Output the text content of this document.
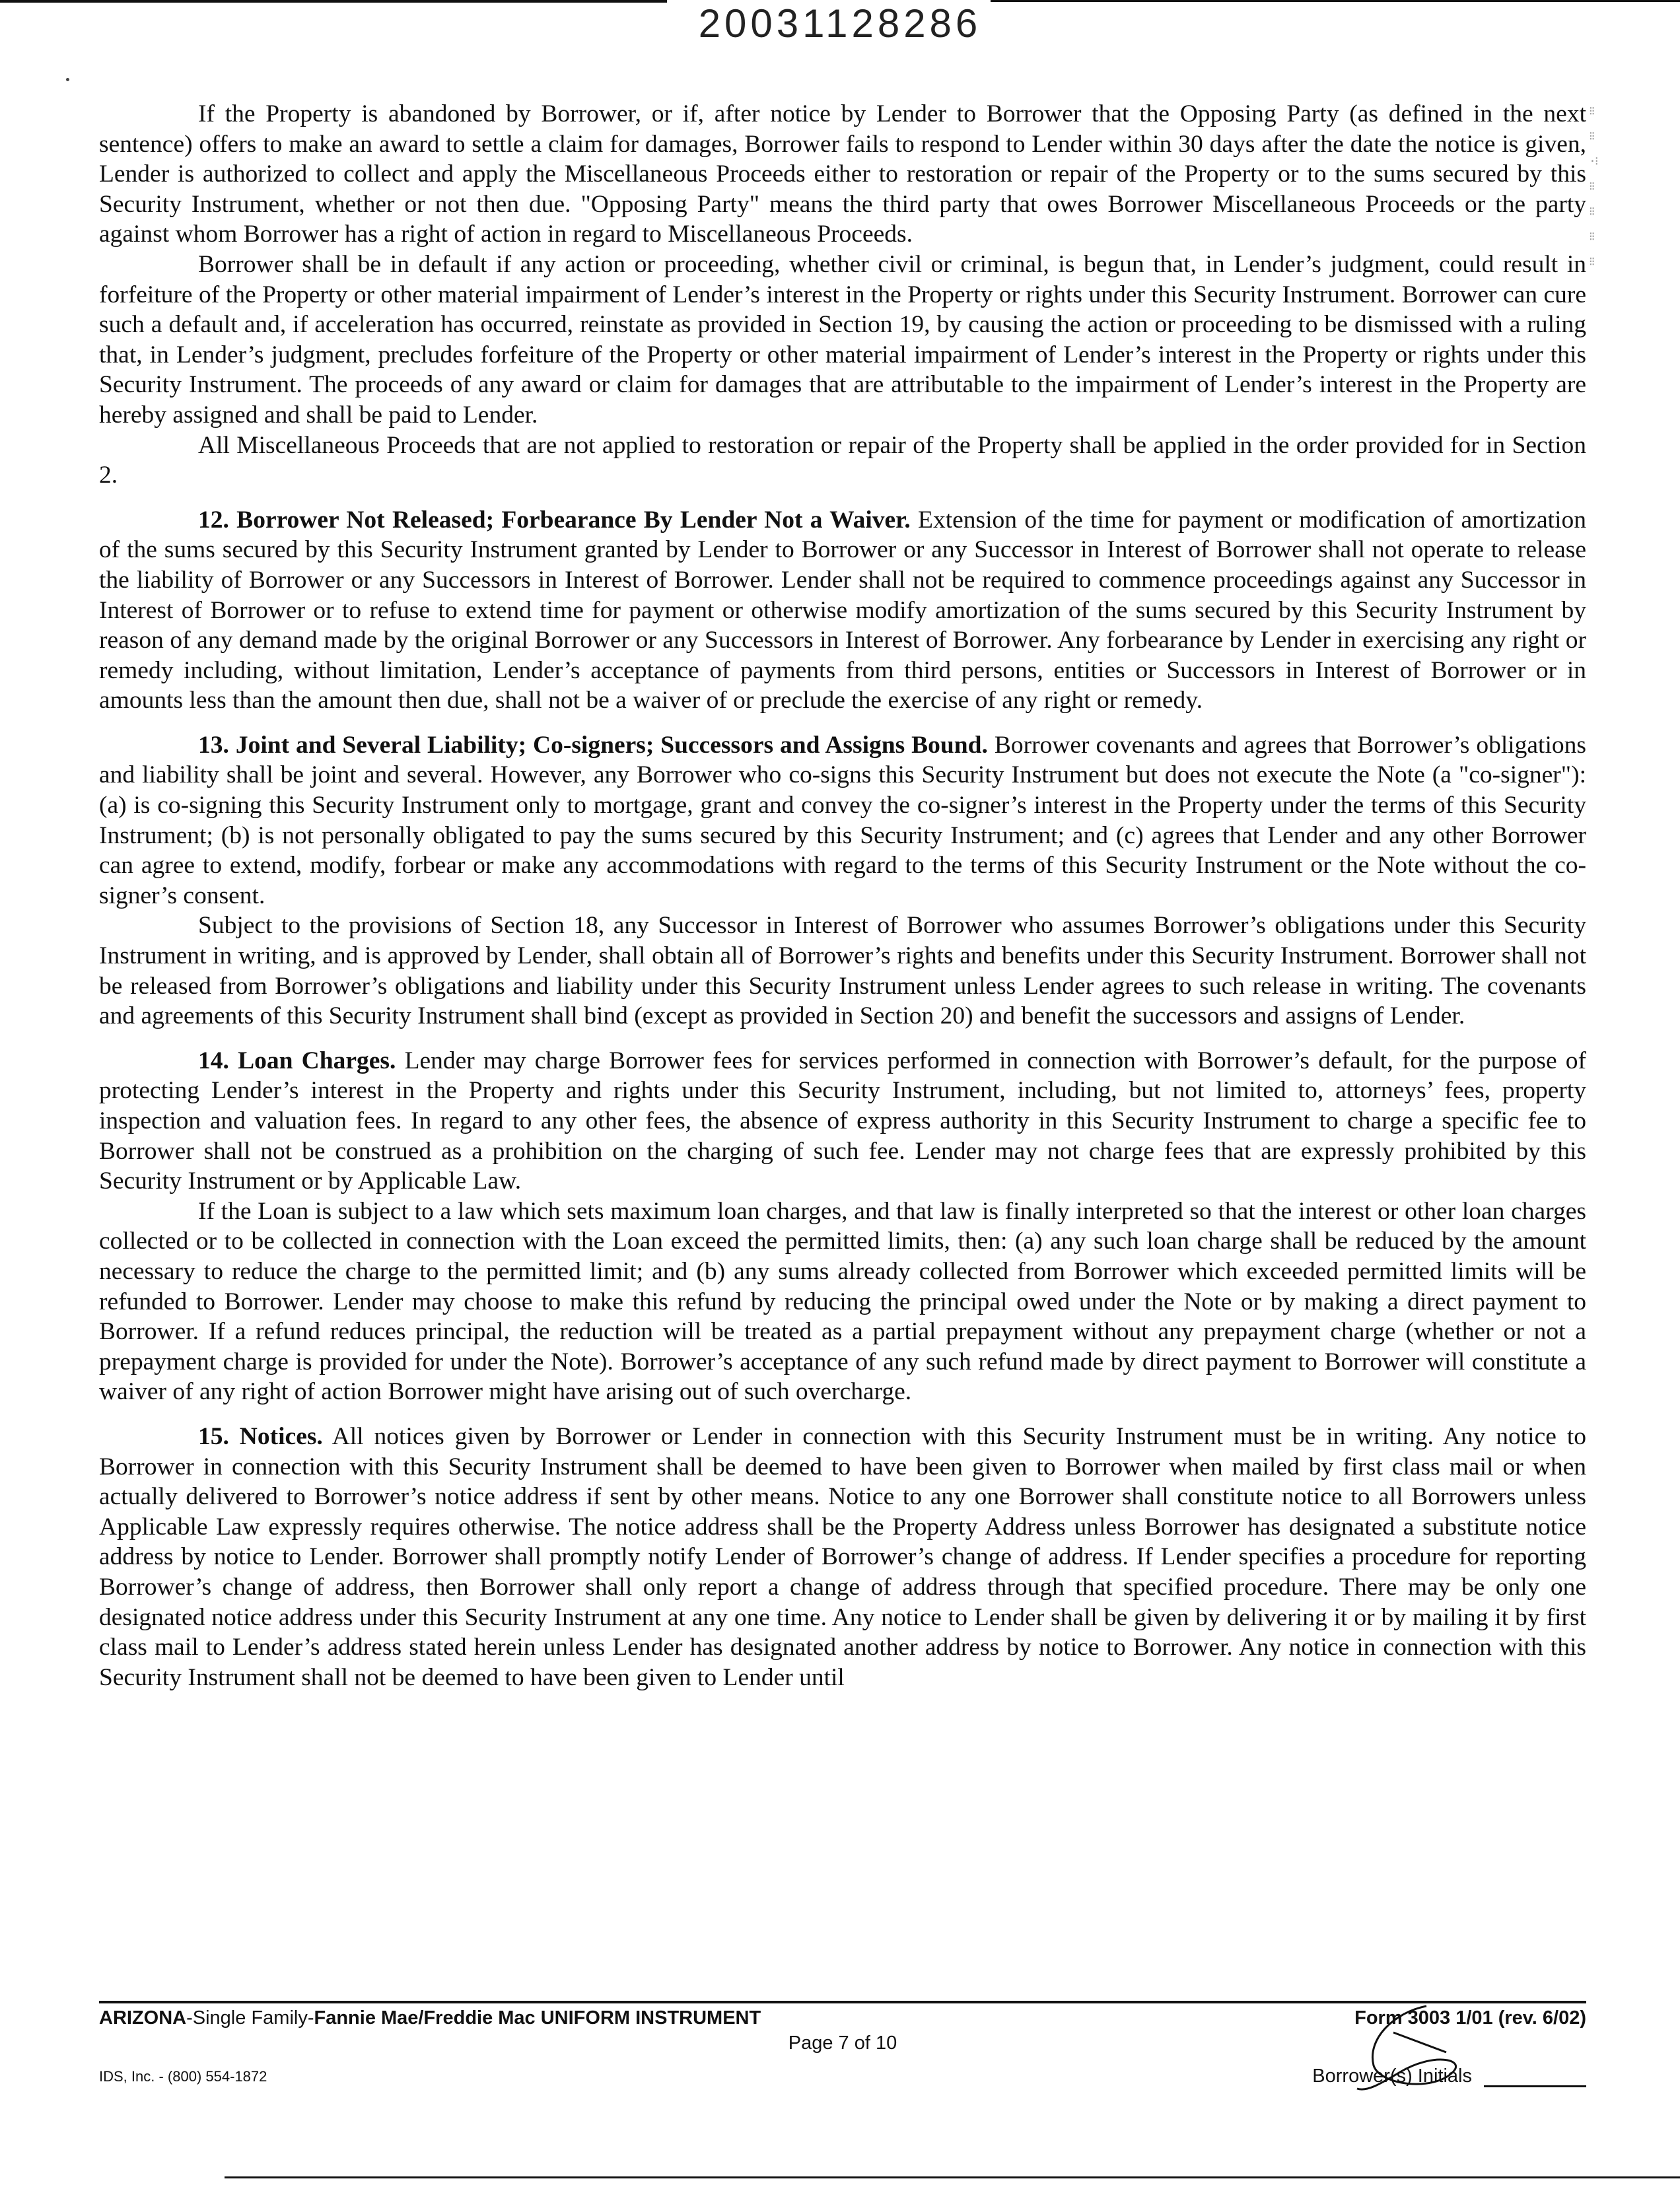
20031128286
⁝⁝
⁝⁝
·⁝
⁝⁝
⁝⁝
⁝⁝
⁝⁝

If the Property is abandoned by Borrower, or if, after notice by Lender to Borrower that the Opposing Party (as defined in the next sentence) offers to make an award to settle a claim for damages, Borrower fails to respond to Lender within 30 days after the date the notice is given, Lender is authorized to collect and apply the Miscellaneous Proceeds either to restoration or repair of the Property or to the sums secured by this Security Instrument, whether or not then due. "Opposing Party" means the third party that owes Borrower Miscellaneous Proceeds or the party against whom Borrower has a right of action in regard to Miscellaneous Proceeds.

Borrower shall be in default if any action or proceeding, whether civil or criminal, is begun that, in Lender’s judgment, could result in forfeiture of the Property or other material impairment of Lender’s interest in the Property or rights under this Security Instrument. Borrower can cure such a default and, if acceleration has occurred, reinstate as provided in Section 19, by causing the action or proceeding to be dismissed with a ruling that, in Lender’s judgment, precludes forfeiture of the Property or other material impairment of Lender’s interest in the Property or rights under this Security Instrument. The proceeds of any award or claim for damages that are attributable to the impairment of Lender’s interest in the Property are hereby assigned and shall be paid to Lender.

All Miscellaneous Proceeds that are not applied to restoration or repair of the Property shall be applied in the order provided for in Section 2.

12. Borrower Not Released; Forbearance By Lender Not a Waiver. Extension of the time for payment or modification of amortization of the sums secured by this Security Instrument granted by Lender to Borrower or any Successor in Interest of Borrower shall not operate to release the liability of Borrower or any Successors in Interest of Borrower. Lender shall not be required to commence proceedings against any Successor in Interest of Borrower or to refuse to extend time for payment or otherwise modify amortization of the sums secured by this Security Instrument by reason of any demand made by the original Borrower or any Successors in Interest of Borrower. Any forbearance by Lender in exercising any right or remedy including, without limitation, Lender’s acceptance of payments from third persons, entities or Successors in Interest of Borrower or in amounts less than the amount then due, shall not be a waiver of or preclude the exercise of any right or remedy.

13. Joint and Several Liability; Co-signers; Successors and Assigns Bound. Borrower covenants and agrees that Borrower’s obligations and liability shall be joint and several. However, any Borrower who co-signs this Security Instrument but does not execute the Note (a "co-signer"): (a) is co-signing this Security Instrument only to mortgage, grant and convey the co-signer’s interest in the Property under the terms of this Security Instrument; (b) is not personally obligated to pay the sums secured by this Security Instrument; and (c) agrees that Lender and any other Borrower can agree to extend, modify, forbear or make any accommodations with regard to the terms of this Security Instrument or the Note without the co-signer’s consent.

Subject to the provisions of Section 18, any Successor in Interest of Borrower who assumes Borrower’s obligations under this Security Instrument in writing, and is approved by Lender, shall obtain all of Borrower’s rights and benefits under this Security Instrument. Borrower shall not be released from Borrower’s obligations and liability under this Security Instrument unless Lender agrees to such release in writing. The covenants and agreements of this Security Instrument shall bind (except as provided in Section 20) and benefit the successors and assigns of Lender.

14. Loan Charges. Lender may charge Borrower fees for services performed in connection with Borrower’s default, for the purpose of protecting Lender’s interest in the Property and rights under this Security Instrument, including, but not limited to, attorneys’ fees, property inspection and valuation fees. In regard to any other fees, the absence of express authority in this Security Instrument to charge a specific fee to Borrower shall not be construed as a prohibition on the charging of such fee. Lender may not charge fees that are expressly prohibited by this Security Instrument or by Applicable Law.

If the Loan is subject to a law which sets maximum loan charges, and that law is finally interpreted so that the interest or other loan charges collected or to be collected in connection with the Loan exceed the permitted limits, then: (a) any such loan charge shall be reduced by the amount necessary to reduce the charge to the permitted limit; and (b) any sums already collected from Borrower which exceeded permitted limits will be refunded to Borrower. Lender may choose to make this refund by reducing the principal owed under the Note or by making a direct payment to Borrower. If a refund reduces principal, the reduction will be treated as a partial prepayment without any prepayment charge (whether or not a prepayment charge is provided for under the Note). Borrower’s acceptance of any such refund made by direct payment to Borrower will constitute a waiver of any right of action Borrower might have arising out of such overcharge.

15. Notices. All notices given by Borrower or Lender in connection with this Security Instrument must be in writing. Any notice to Borrower in connection with this Security Instrument shall be deemed to have been given to Borrower when mailed by first class mail or when actually delivered to Borrower’s notice address if sent by other means. Notice to any one Borrower shall constitute notice to all Borrowers unless Applicable Law expressly requires otherwise. The notice address shall be the Property Address unless Borrower has designated a substitute notice address by notice to Lender. Borrower shall promptly notify Lender of Borrower’s change of address. If Lender specifies a procedure for reporting Borrower’s change of address, then Borrower shall only report a change of address through that specified procedure. There may be only one designated notice address under this Security Instrument at any one time. Any notice to Lender shall be given by delivering it or by mailing it by first class mail to Lender’s address stated herein unless Lender has designated another address by notice to Borrower. Any notice in connection with this Security Instrument shall not be deemed to have been given to Lender until

ARIZONA-Single Family-Fannie Mae/Freddie Mac UNIFORM INSTRUMENT
Page 7 of 10
IDS, Inc. - (800) 554-1872
Form 3003 1/01 (rev. 6/02)
Borrower(s) Initials
